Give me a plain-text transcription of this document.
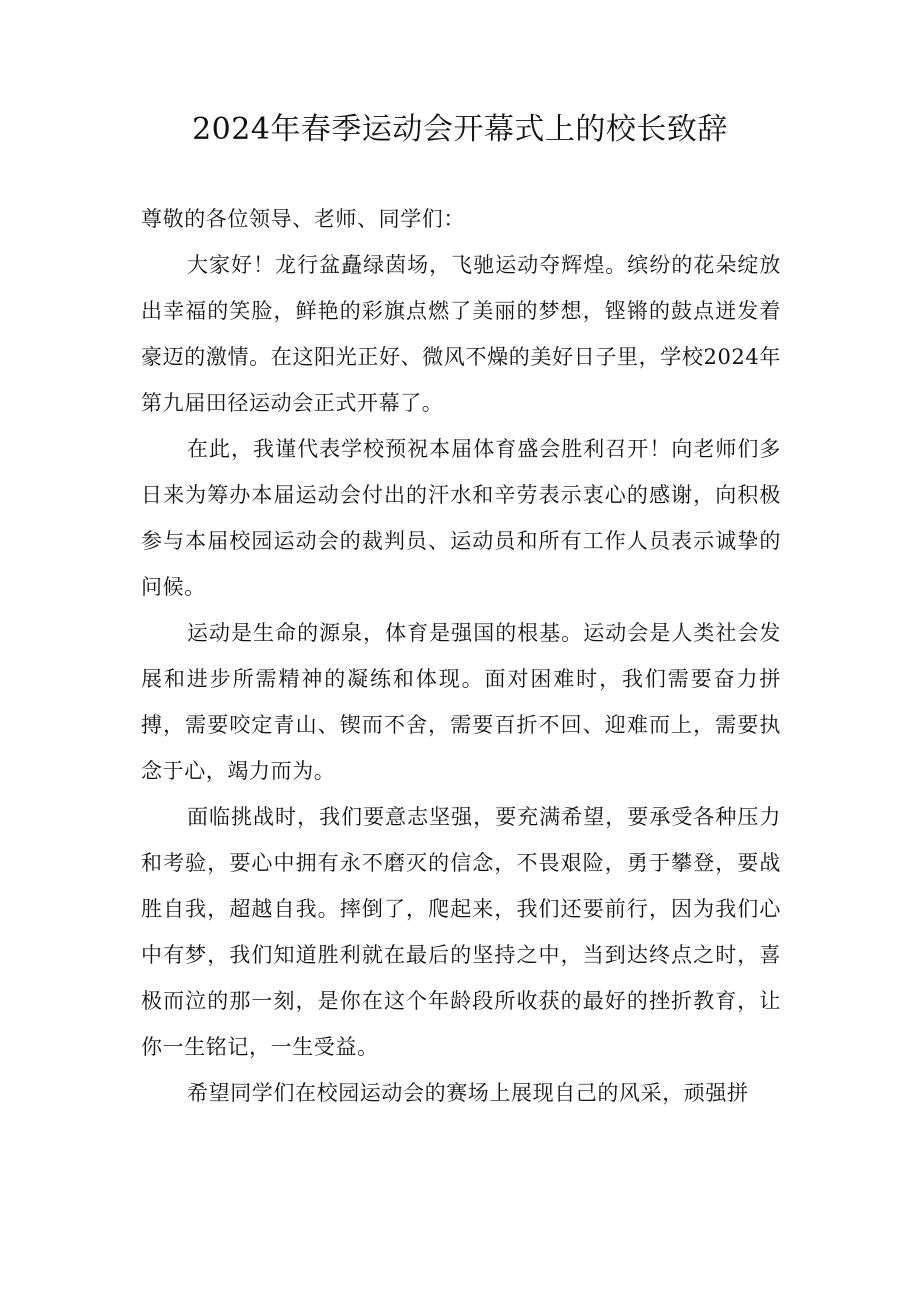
2024年春季运动会开幕式上的校长致辞

尊敬的各位领导、老师、同学们：

大家好！龙行盆矗绿茵场，飞驰运动夺辉煌。缤纷的花朵绽放出幸福的笑脸，鲜艳的彩旗点燃了美丽的梦想，铿锵的鼓点迸发着豪迈的激情。在这阳光正好、微风不燥的美好日子里，学校2024年第九届田径运动会正式开幕了。

在此，我谨代表学校预祝本届体育盛会胜利召开！向老师们多日来为筹办本届运动会付出的汗水和辛劳表示衷心的感谢，向积极参与本届校园运动会的裁判员、运动员和所有工作人员表示诚挚的问候。

运动是生命的源泉，体育是强国的根基。运动会是人类社会发展和进步所需精神的凝练和体现。面对困难时，我们需要奋力拼搏，需要咬定青山、锲而不舍，需要百折不回、迎难而上，需要执念于心，竭力而为。

面临挑战时，我们要意志坚强，要充满希望，要承受各种压力和考验，要心中拥有永不磨灭的信念，不畏艰险，勇于攀登，要战胜自我，超越自我。摔倒了，爬起来，我们还要前行，因为我们心中有梦，我们知道胜利就在最后的坚持之中，当到达终点之时，喜极而泣的那一刻，是你在这个年龄段所收获的最好的挫折教育，让你一生铭记，一生受益。

希望同学们在校园运动会的赛场上展现自己的风采，顽强拼
